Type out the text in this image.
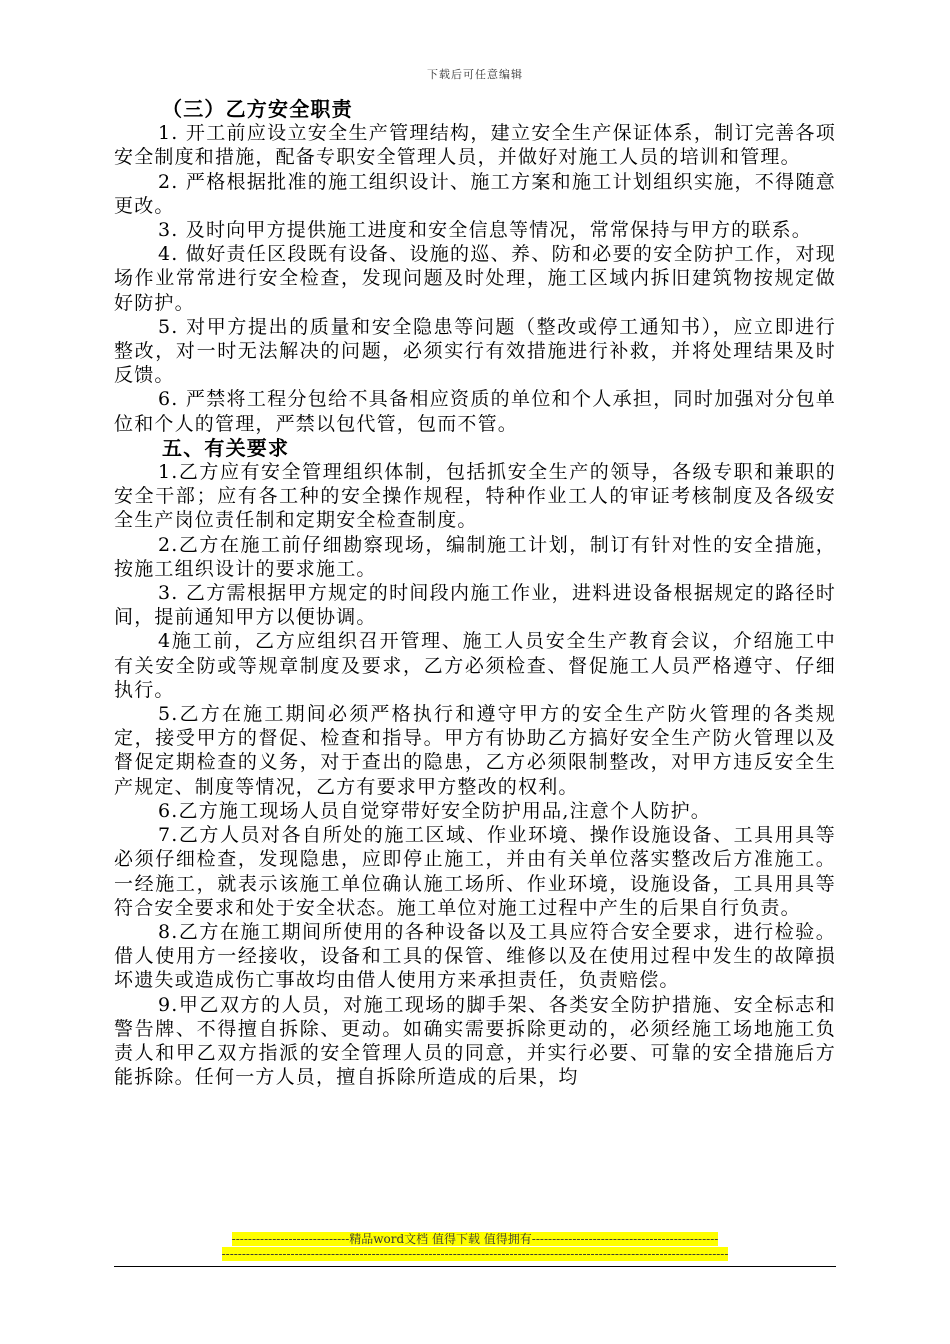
下载后可任意编辑

（三）乙方安全职责

1. 开工前应设立安全生产管理结构，建立安全生产保证体系，制订完善各项安全制度和措施，配备专职安全管理人员，并做好对施工人员的培训和管理。

2. 严格根据批准的施工组织设计、施工方案和施工计划组织实施，不得随意更改。

3. 及时向甲方提供施工进度和安全信息等情况，常常保持与甲方的联系。

4. 做好责任区段既有设备、设施的巡、养、防和必要的安全防护工作，对现场作业常常进行安全检查，发现问题及时处理，施工区域内拆旧建筑物按规定做好防护。

5. 对甲方提出的质量和安全隐患等问题（整改或停工通知书），应立即进行整改，对一时无法解决的问题，必须实行有效措施进行补救，并将处理结果及时反馈。

6. 严禁将工程分包给不具备相应资质的单位和个人承担，同时加强对分包单位和个人的管理，严禁以包代管，包而不管。

五、有关要求

1.乙方应有安全管理组织体制，包括抓安全生产的领导，各级专职和兼职的安全干部；应有各工种的安全操作规程，特种作业工人的审证考核制度及各级安全生产岗位责任制和定期安全检查制度。

2.乙方在施工前仔细勘察现场，编制施工计划，制订有针对性的安全措施，按施工组织设计的要求施工。

3. 乙方需根据甲方规定的时间段内施工作业，进料进设备根据规定的路径时间，提前通知甲方以便协调。

4施工前，乙方应组织召开管理、施工人员安全生产教育会议，介绍施工中有关安全防或等规章制度及要求，乙方必须检查、督促施工人员严格遵守、仔细执行。

5.乙方在施工期间必须严格执行和遵守甲方的安全生产防火管理的各类规定，接受甲方的督促、检查和指导。甲方有协助乙方搞好安全生产防火管理以及督促定期检查的义务，对于查出的隐患，乙方必须限制整改，对甲方违反安全生产规定、制度等情况，乙方有要求甲方整改的权利。

6.乙方施工现场人员自觉穿带好安全防护用品,注意个人防护。

7.乙方人员对各自所处的施工区域、作业环境、操作设施设备、工具用具等必须仔细检查，发现隐患，应即停止施工，并由有关单位落实整改后方准施工。一经施工，就表示该施工单位确认施工场所、作业环境，设施设备，工具用具等符合安全要求和处于安全状态。施工单位对施工过程中产生的后果自行负责。

8.乙方在施工期间所使用的各种设备以及工具应符合安全要求，进行检验。借人使用方一经接收，设备和工具的保管、维修以及在使用过程中发生的故障损坏遗失或造成伤亡事故均由借人使用方来承担责任，负责赔偿。

9.甲乙双方的人员，对施工现场的脚手架、各类安全防护措施、安全标志和警告牌、不得擅自拆除、更动。如确实需要拆除更动的，必须经施工场地施工负责人和甲乙双方指派的安全管理人员的同意，并实行必要、可靠的安全措施后方能拆除。任何一方人员，擅自拆除所造成的后果，均

-----------------------------精品word文档 值得下载 值得拥有----------------------------------------------
-----------------------------------------------------------------------------------------------------------------------------
